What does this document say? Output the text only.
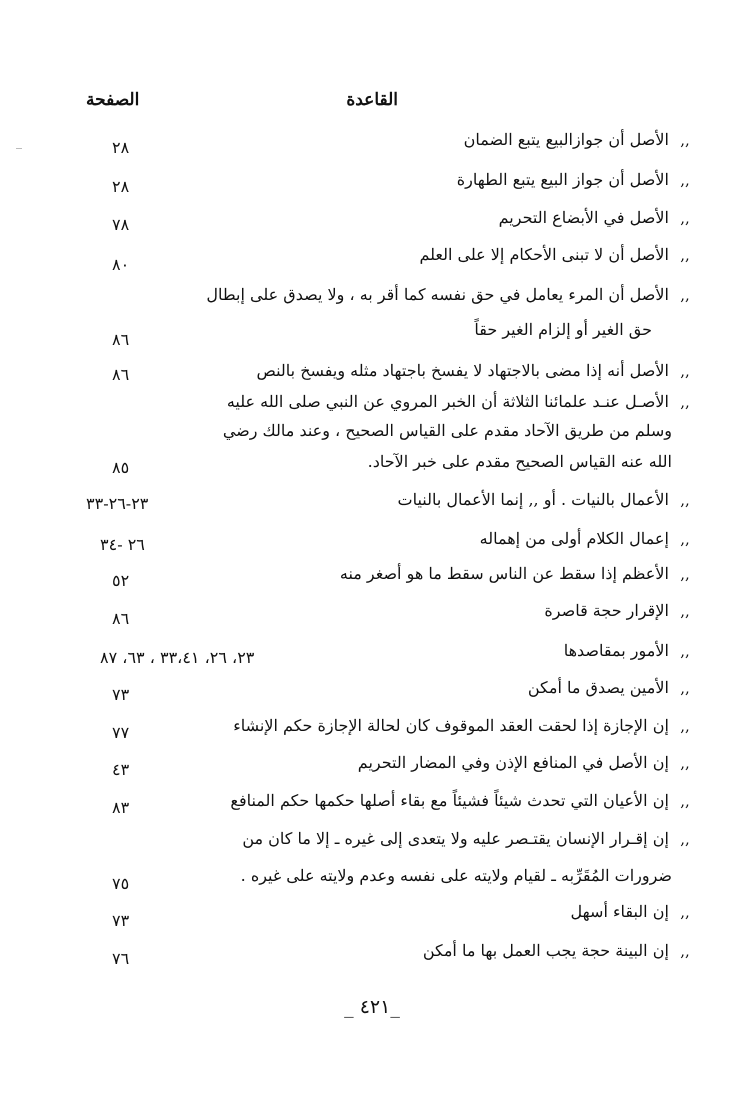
القاعدة
الصفحة
,, الأصل أن جوازالبيع يتبع الضمان
٢٨
,, الأصل أن جواز البيع يتبع الطهارة
٢٨
,, الأصل في الأبضاع التحريم
٧٨
,, الأصل أن لا تبنى الأحكام إلا على العلم
٨٠
,, الأصل أن المرء يعامل في حق نفسه كما أقر به ، ولا يصدق على إبطال
حق الغير أو إلزام الغير حقاً
٨٦
,, الأصل أنه إذا مضى بالاجتهاد لا يفسخ باجتهاد مثله ويفسخ بالنص
٨٦
,, الأصـل عنـد علمائنا الثلاثة أن الخبر المروي عن النبي صلى الله عليه
وسلم من طريق الآحاد مقدم على القياس الصحيح ، وعند مالك رضي
الله عنه القياس الصحيح مقدم على خبر الآحاد.
٨٥
,, الأعمال بالنيات . أو ,, إنما الأعمال بالنيات
٢٣-٢٦-٣٣
,, إعمال الكلام أولى من إهماله
٢٦ -٣٤
,, الأعظم إذا سقط عن الناس سقط ما هو أصغر منه
٥٢
,, الإقرار حجة قاصرة
٨٦
,, الأمور بمقاصدها
٢٣، ٢٦، ٣٣،٤١ ، ٦٣، ٨٧
,, الأمين يصدق ما أمكن
٧٣
,, إن الإجازة إذا لحقت العقد الموقوف كان لحالة الإجازة حكم الإنشاء
٧٧
,, إن الأصل في المنافع الإذن وفي المضار التحريم
٤٣
,, إن الأعيان التي تحدث شيئاً فشيئاً مع بقاء أصلها حكمها حكم المنافع
٨٣
,, إن إقـرار الإنسان يقتـصر عليه ولا يتعدى إلى غيره ـ إلا ما كان من
ضرورات المُقَرِّبه ـ لقيام ولايته على نفسه وعدم ولايته على غيره .
٧٥
,, إن البقاء أسهل
٧٣
,, إن البينة حجة يجب العمل بها ما أمكن
٧٦
_٤٢١ _
